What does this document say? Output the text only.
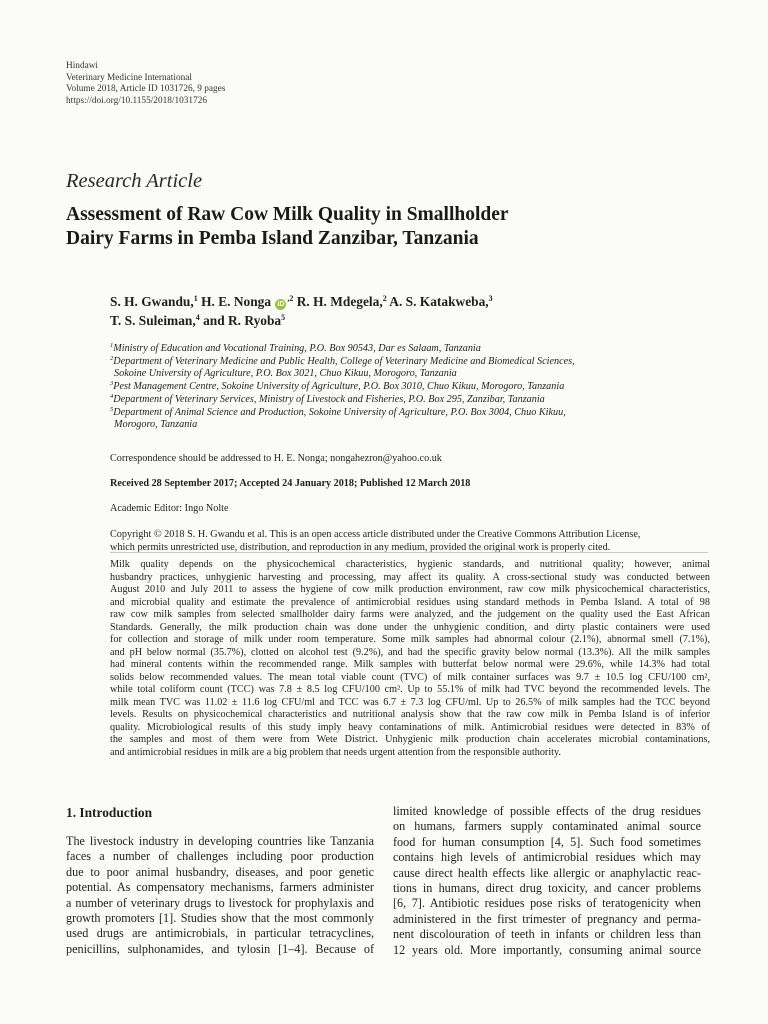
Hindawi
Veterinary Medicine International
Volume 2018, Article ID 1031726, 9 pages
https://doi.org/10.1155/2018/1031726
Research Article
Assessment of Raw Cow Milk Quality in Smallholder
Dairy Farms in Pemba Island Zanzibar, Tanzania
S. H. Gwandu,$^1$ H. E. Nonga $iD^{,2}$ R. H. Mdegela,$^2$ A. S. Katakweba,$^3$
T. S. Suleiman,$^4$ and R. Ryoba$^5$
$^1$Ministry of Education and Vocational Training, P.O. Box 90543, Dar es Salaam, Tanzania
$^2$Department of Veterinary Medicine and Public Health, College of Veterinary Medicine and Biomedical Sciences,
Sokoine University of Agriculture, P.O. Box 3021, Chuo Kikuu, Morogoro, Tanzania
$^3$Pest Management Centre, Sokoine University of Agriculture, P.O. Box 3010, Chuo Kikuu, Morogoro, Tanzania
$^4$Department of Veterinary Services, Ministry of Livestock and Fisheries, P.O. Box 295, Zanzibar, Tanzania
$^5$Department of Animal Science and Production, Sokoine University of Agriculture, P.O. Box 3004, Chuo Kikuu,
Morogoro, Tanzania
Correspondence should be addressed to H. E. Nonga; nongahezron@yahoo.co.uk
Received 28 September 2017; Accepted 24 January 2018; Published 12 March 2018
Academic Editor: Ingo Nolte
Copyright © 2018 S. H. Gwandu et al. This is an open access article distributed under the Creative Commons Attribution License,
which permits unrestricted use, distribution, and reproduction in any medium, provided the original work is properly cited.
Milk quality depends on the physicochemical characteristics, hygienic standards, and nutritional quality; however, animal
husbandry practices, unhygienic harvesting and processing, may affect its quality. A cross-sectional study was conducted between
August 2010 and July 2011 to assess the hygiene of cow milk production environment, raw cow milk physicochemical characteristics,
and microbial quality and estimate the prevalence of antimicrobial residues using standard methods in Pemba Island. A total of 98
raw cow milk samples from selected smallholder dairy farms were analyzed, and the judgement on the quality used the East African
Standards. Generally, the milk production chain was done under the unhygienic condition, and dirty plastic containers were used
for collection and storage of milk under room temperature. Some milk samples had abnormal colour (2.1%), abnormal smell (7.1%),
and pH below normal (35.7%), clotted on alcohol test (9.2%), and had the specific gravity below normal (13.3%). All the milk samples
had mineral contents within the recommended range. Milk samples with butterfat below normal were 29.6%, while 14.3% had total
solids below recommended values. The mean total viable count (TVC) of milk container surfaces was 9.7 ± 10.5 log CFU/100 cm²,
while total coliform count (TCC) was 7.8 ± 8.5 log CFU/100 cm². Up to 55.1% of milk had TVC beyond the recommended levels. The
milk mean TVC was 11.02 ± 11.6 log CFU/ml and TCC was 6.7 ± 7.3 log CFU/ml. Up to 26.5% of milk samples had the TCC beyond
levels. Results on physicochemical characteristics and nutritional analysis show that the raw cow milk in Pemba Island is of inferior
quality. Microbiological results of this study imply heavy contaminations of milk. Antimicrobial residues were detected in 83% of
the samples and most of them were from Wete District. Unhygienic milk production chain accelerates microbial contaminations,
and antimicrobial residues in milk are a big problem that needs urgent attention from the responsible authority.
1. Introduction
The livestock industry in developing countries like Tanzania
faces a number of challenges including poor production
due to poor animal husbandry, diseases, and poor genetic
potential. As compensatory mechanisms, farmers administer
a number of veterinary drugs to livestock for prophylaxis and
growth promoters [1]. Studies show that the most commonly
used drugs are antimicrobials, in particular tetracyclines,
penicillins, sulphonamides, and tylosin [1–4]. Because of
limited knowledge of possible effects of the drug residues
on humans, farmers supply contaminated animal source
food for human consumption [4, 5]. Such food sometimes
contains high levels of antimicrobial residues which may
cause direct health effects like allergic or anaphylactic reac-
tions in humans, direct drug toxicity, and cancer problems
[6, 7]. Antibiotic residues pose risks of teratogenicity when
administered in the first trimester of pregnancy and perma-
nent discolouration of teeth in infants or children less than
12 years old. More importantly, consuming animal source
